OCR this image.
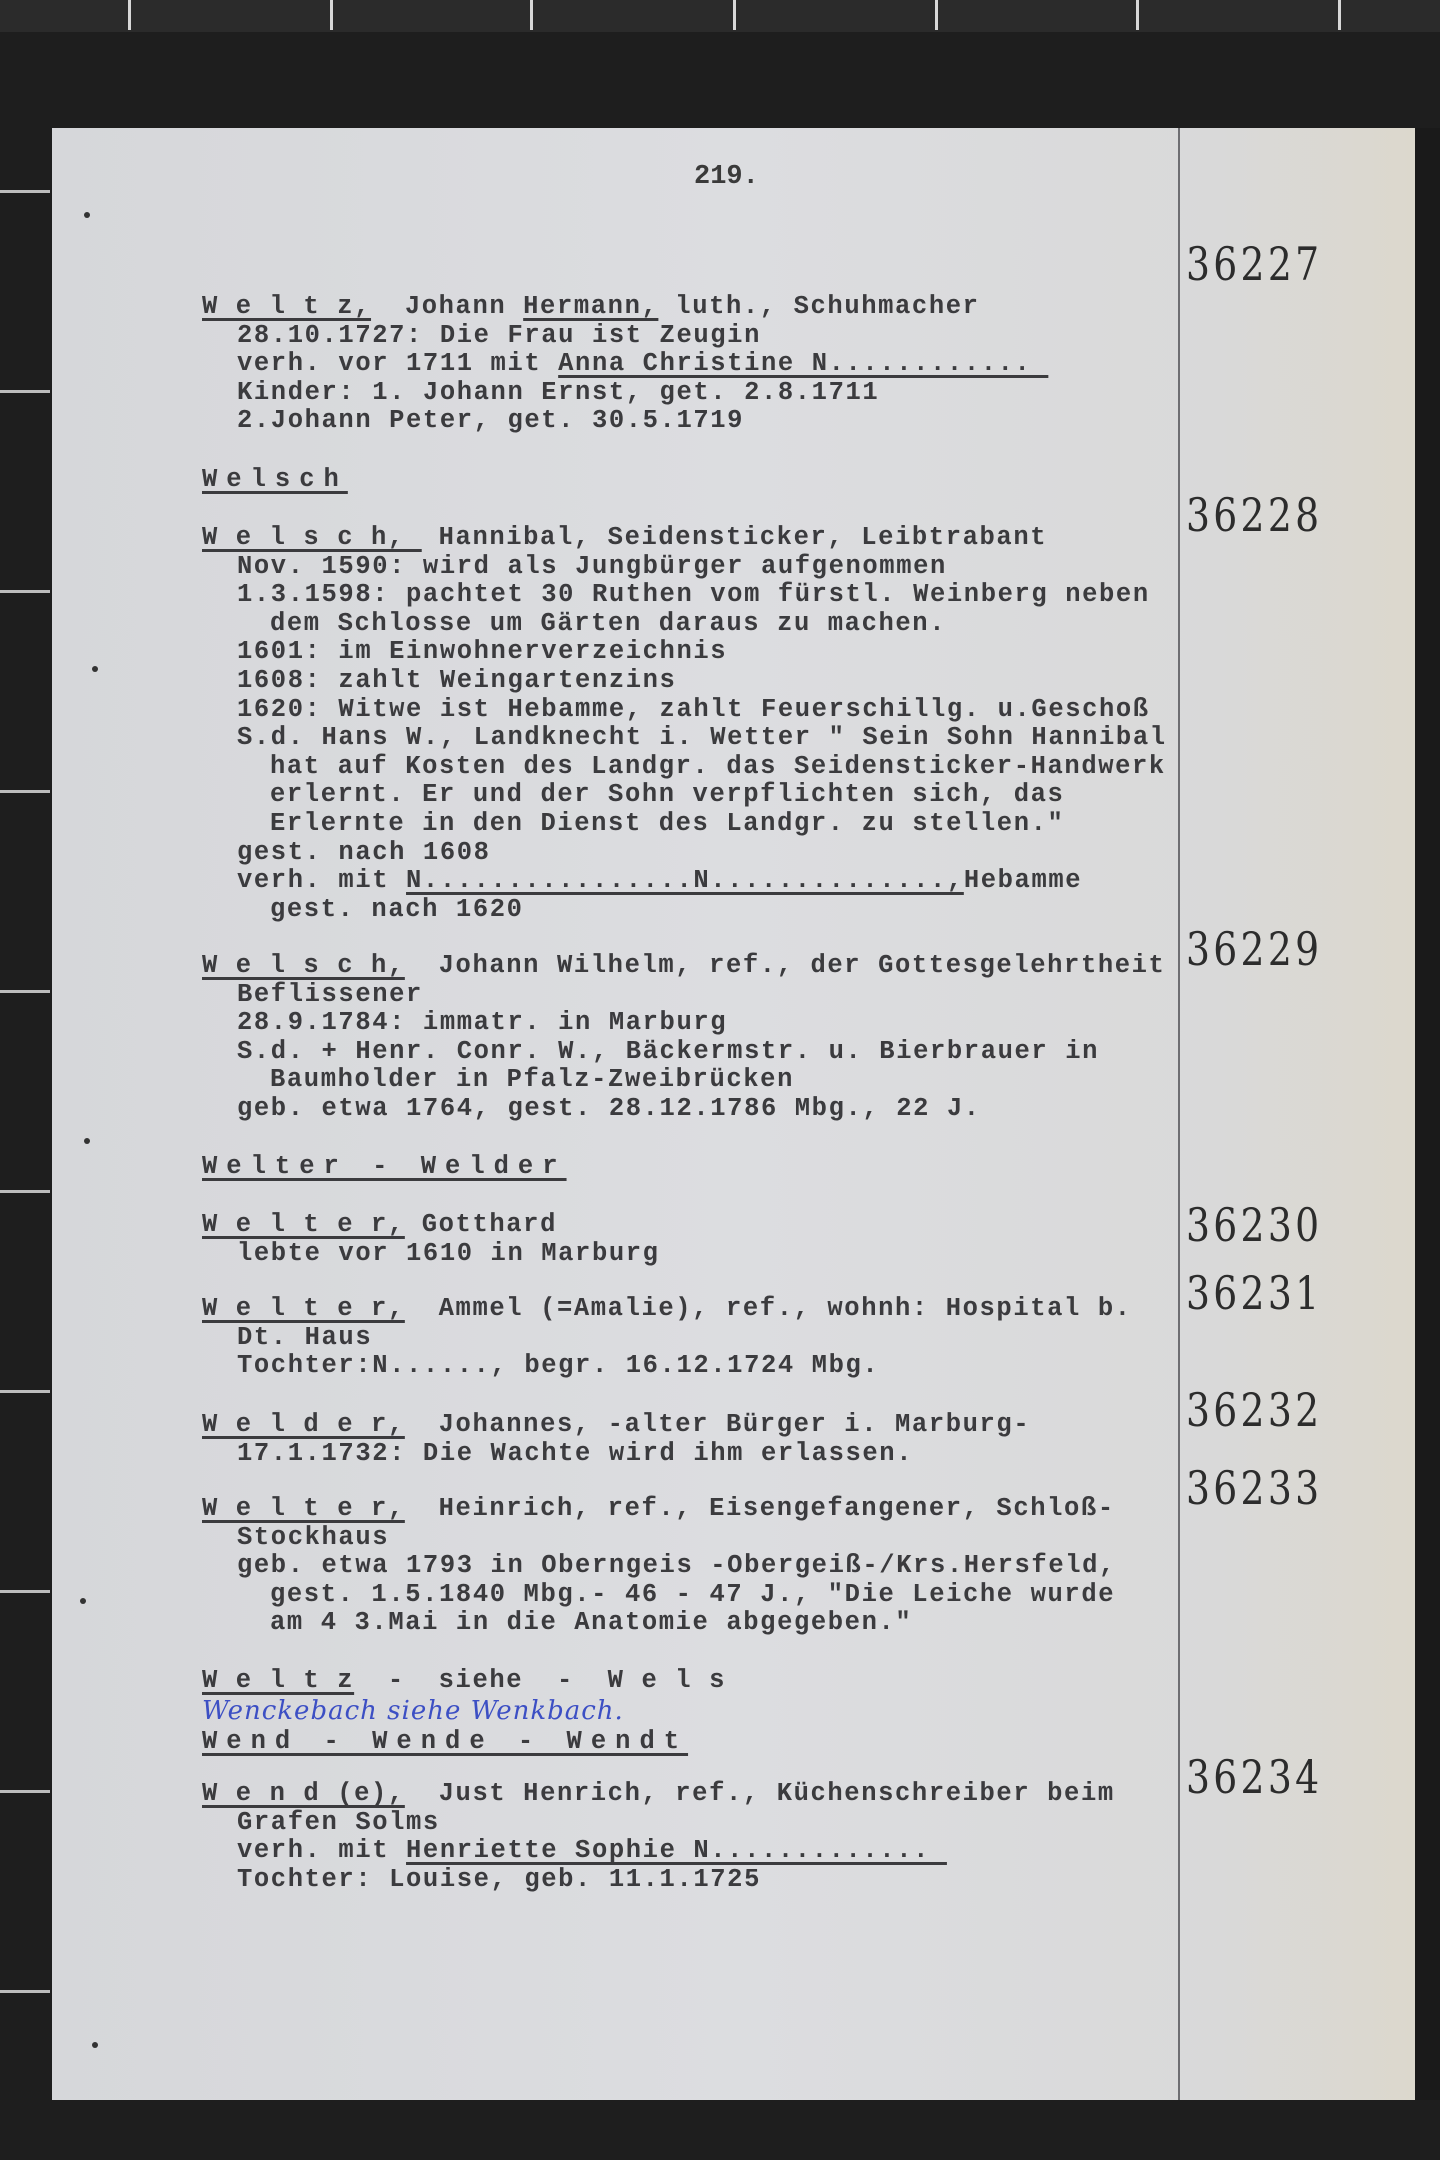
219.
W e l t z,  Johann Hermann, luth., Schuhmacher
28.10.1727: Die Frau ist Zeugin
verh. vor 1711 mit Anna Christine N............
Kinder: 1. Johann Ernst, get. 2.8.1711
2.Johann Peter, get. 30.5.1719
Welsch
W e l s c h,  Hannibal, Seidensticker, Leibtrabant
Nov. 1590: wird als Jungbürger aufgenommen
1.3.1598: pachtet 30 Ruthen vom fürstl. Weinberg neben
dem Schlosse um Gärten daraus zu machen.
1601: im Einwohnerverzeichnis
1608: zahlt Weingartenzins
1620: Witwe ist Hebamme, zahlt Feuerschillg. u.Geschoß
S.d. Hans W., Landknecht i. Wetter " Sein Sohn Hannibal
hat auf Kosten des Landgr. das Seidensticker-Handwerk
erlernt. Er und der Sohn verpflichten sich, das
Erlernte in den Dienst des Landgr. zu stellen."
gest. nach 1608
verh. mit N................N..............,Hebamme
gest. nach 1620
W e l s c h,  Johann Wilhelm, ref., der Gottesgelehrtheit
Beflissener
28.9.1784: immatr. in Marburg
S.d. + Henr. Conr. W., Bäckermstr. u. Bierbrauer in
Baumholder in Pfalz-Zweibrücken
geb. etwa 1764, gest. 28.12.1786 Mbg., 22 J.
Welter - Welder
W e l t e r, Gotthard
lebte vor 1610 in Marburg
W e l t e r,  Ammel (=Amalie), ref., wohnh: Hospital b.
Dt. Haus
Tochter:N......, begr. 16.12.1724 Mbg.
W e l d e r,  Johannes, -alter Bürger i. Marburg-
17.1.1732: Die Wachte wird ihm erlassen.
W e l t e r,  Heinrich, ref., Eisengefangener, Schloß-
Stockhaus
geb. etwa 1793 in Oberngeis -Obergeiß-/Krs.Hersfeld,
gest. 1.5.1840 Mbg.- 46 - 47 J., "Die Leiche wurde
am 4 3.Mai in die Anatomie abgegeben."
W e l t z  -  siehe  -  W e l s
Wend - Wende - Wendt
W e n d (e),  Just Henrich, ref., Küchenschreiber beim
Grafen Solms
verh. mit Henriette Sophie N.............
Tochter: Louise, geb. 11.1.1725
Wenckebach siehe Wenkbach.
36227
36228
36229
36230
36231
36232
36233
36234
